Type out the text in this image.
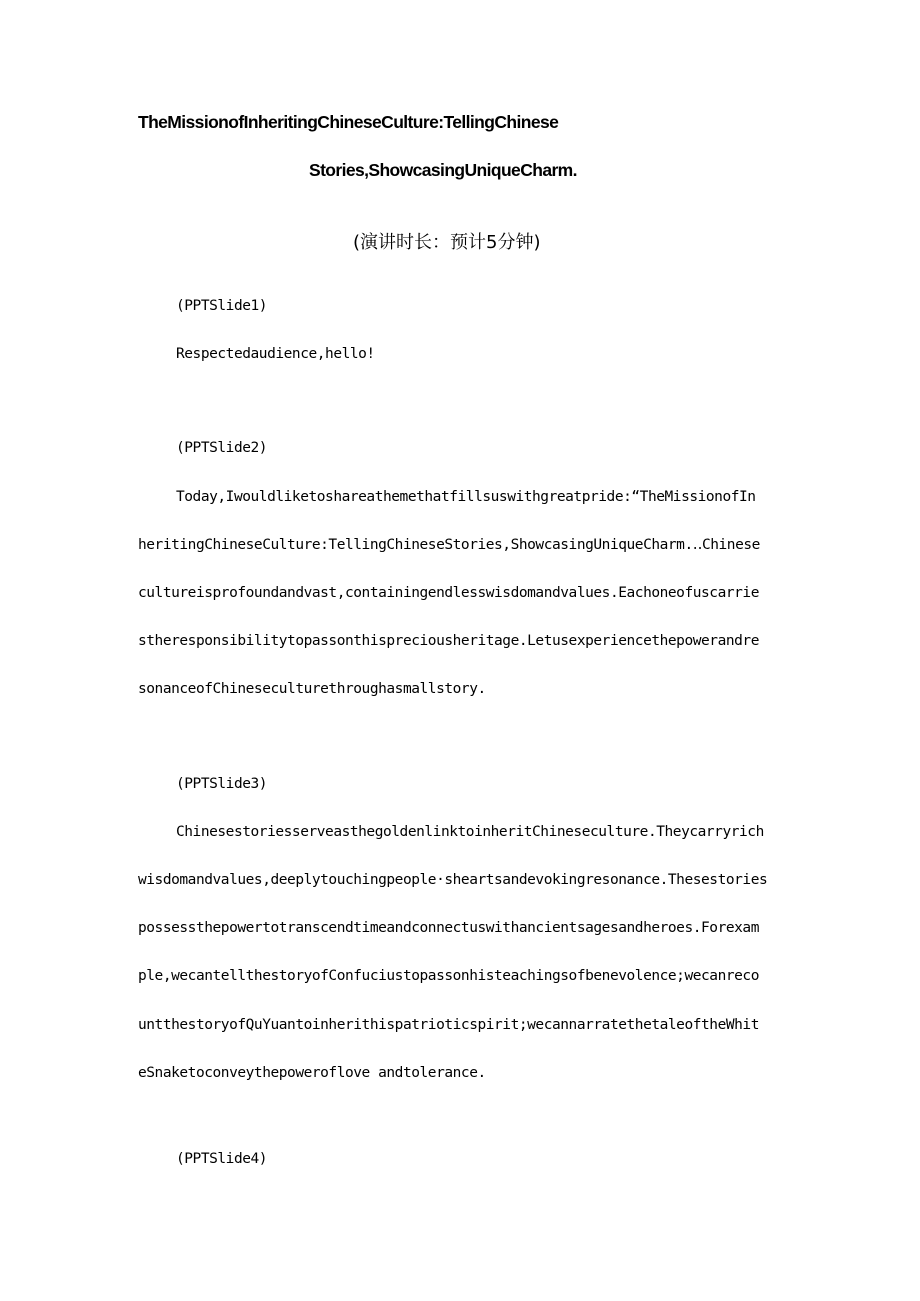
TheMissionofInheritingChineseCulture:TellingChinese
Stories,ShowcasingUniqueCharm.
(演讲时长：预计5分钟)
(PPTSlide1)
Respectedaudience,hello!
(PPTSlide2)
Today,Iwouldliketoshareathemethatfillsuswithgreatpride:“TheMissionofIn
heritingChineseCulture:TellingChineseStories,ShowcasingUniqueCharm.‥Chinese
cultureisprofoundandvast,containingendlesswisdomandvalues.Eachoneofuscarrie
stheresponsibilitytopassonthispreciousheritage.Letusexperiencethepowerandre
sonanceofChineseculturethroughasmallstory.
(PPTSlide3)
ChinesestoriesserveasthegoldenlinktoinheritChineseculture.Theycarryrich
wisdomandvalues,deeplytouchingpeople·sheartsandevokingresonance.Thesestories
possessthepowertotranscendtimeandconnectuswithancientsagesandheroes.Forexam
ple,wecantellthestoryofConfuciustopassonhisteachingsofbenevolence;wecanreco
untthestoryofQuYuantoinherithispatrioticspirit;wecannarratethetaleoftheWhit
eSnaketoconveythepoweroflove andtolerance.
(PPTSlide4)
